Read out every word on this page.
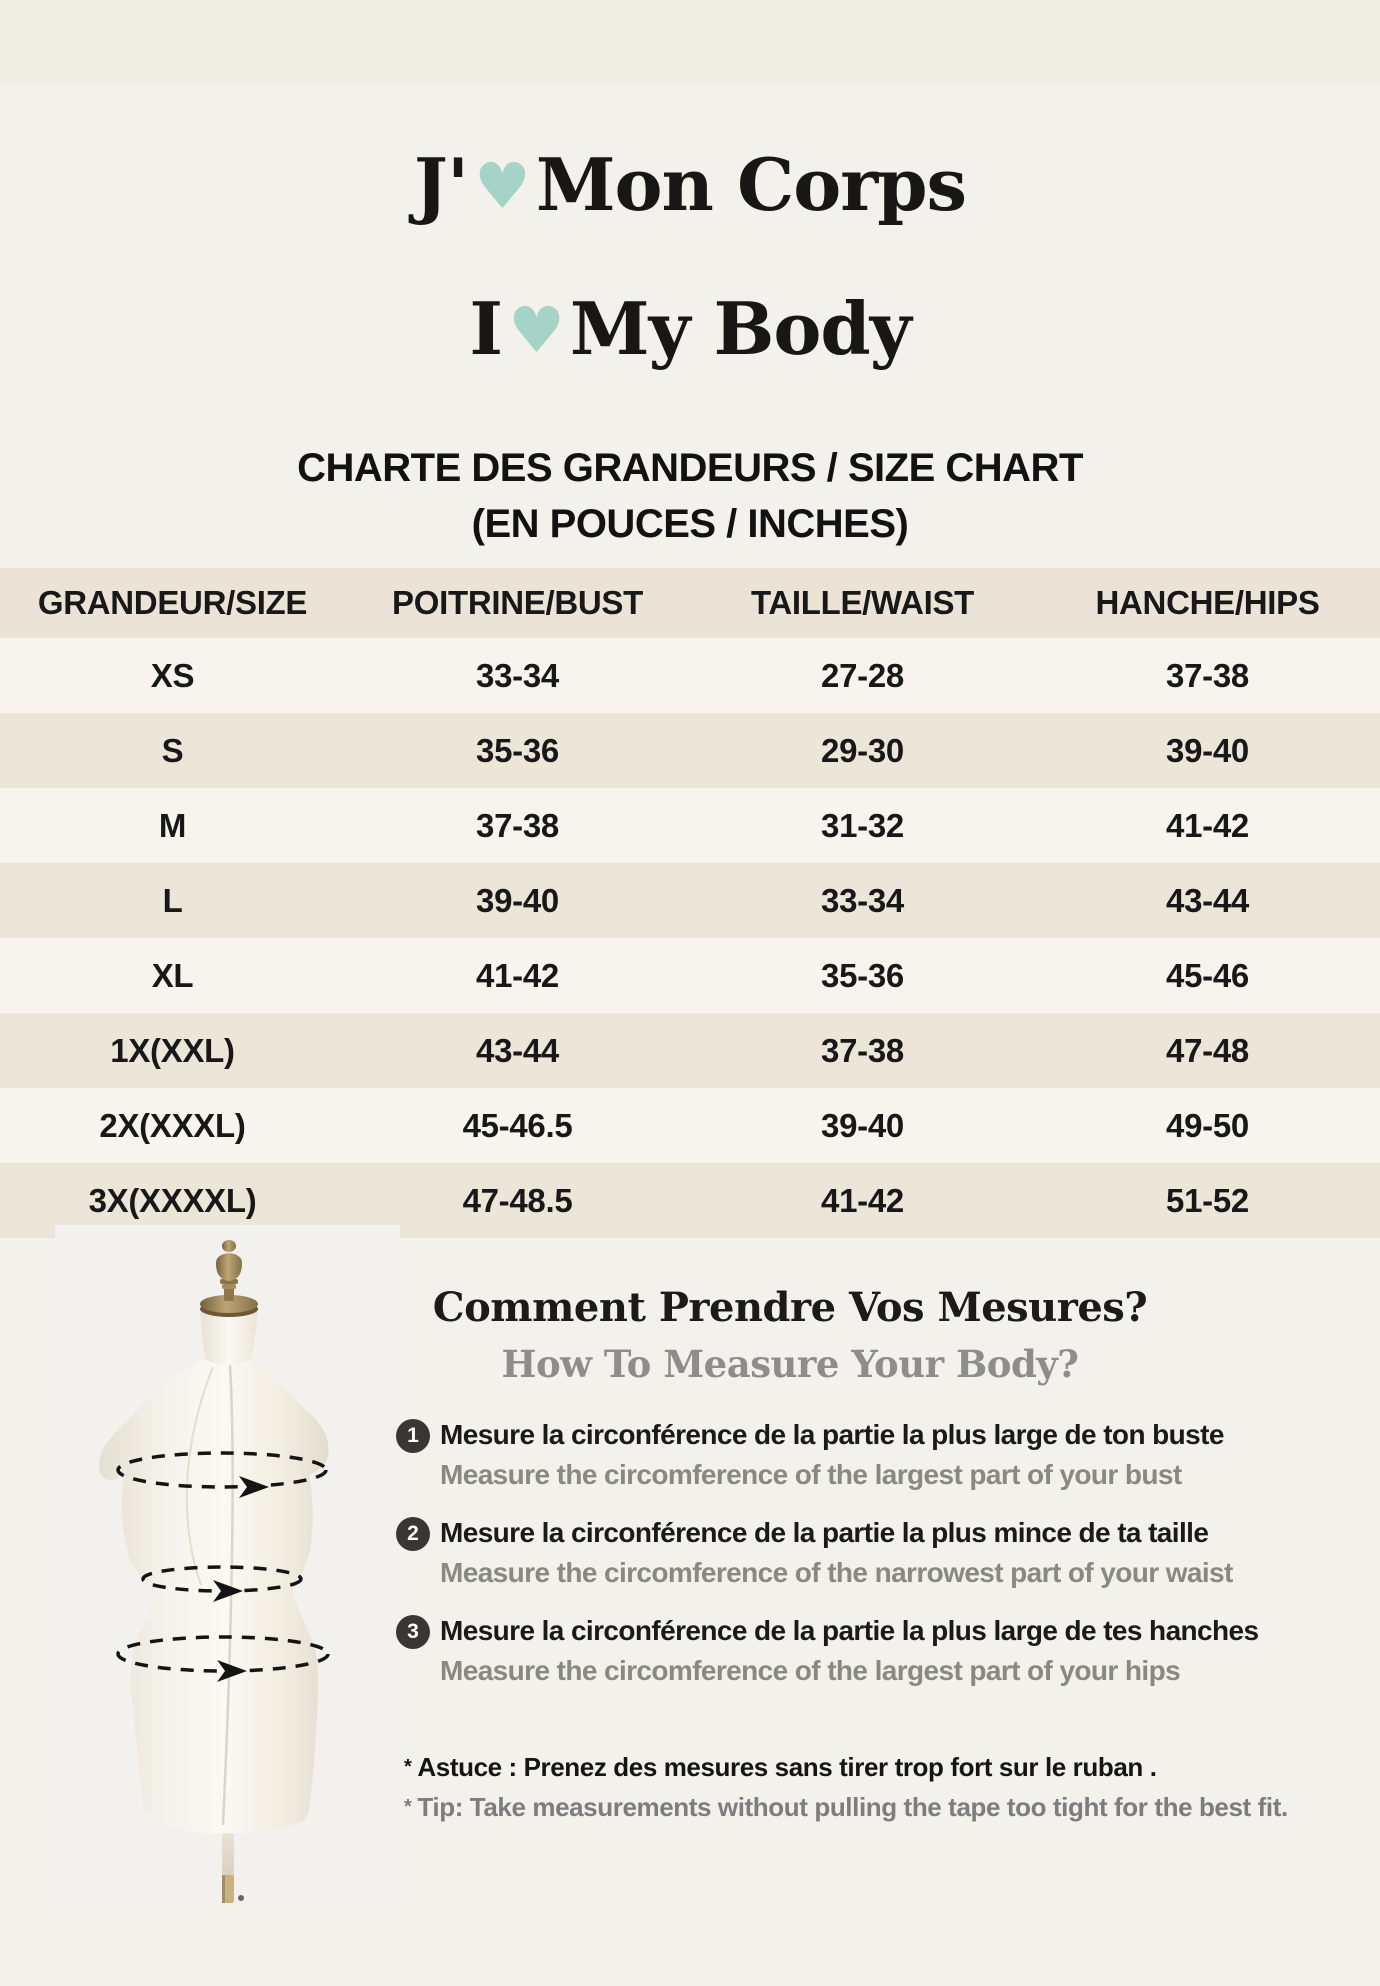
J'♥Mon Corps
I♥My Body
CHARTE DES GRANDEURS / SIZE CHART
(EN POUCES / INCHES)
GRANDEUR/SIZE	POITRINE/BUST	TAILLE/WAIST	HANCHE/HIPS
XS	33-34	27-28	37-38
S	35-36	29-30	39-40
M	37-38	31-32	41-42
L	39-40	33-34	43-44
XL	41-42	35-36	45-46
1X(XXL)	43-44	37-38	47-48
2X(XXXL)	45-46.5	39-40	49-50
3X(XXXXL)	47-48.5	41-42	51-52
Comment Prendre Vos Mesures?
How To Measure Your Body?
1 Mesure la circonférence de la partie la plus large de ton buste
Measure the circomference of the largest part of your bust
2 Mesure la circonférence de la partie la plus mince de ta taille
Measure the circomference of the narrowest part of your waist
3 Mesure la circonférence de la partie la plus large de tes hanches
Measure the circomference of the largest part of your hips
* Astuce : Prenez des mesures sans tirer trop fort sur le ruban .
* Tip: Take measurements without pulling the tape too tight for the best fit.
